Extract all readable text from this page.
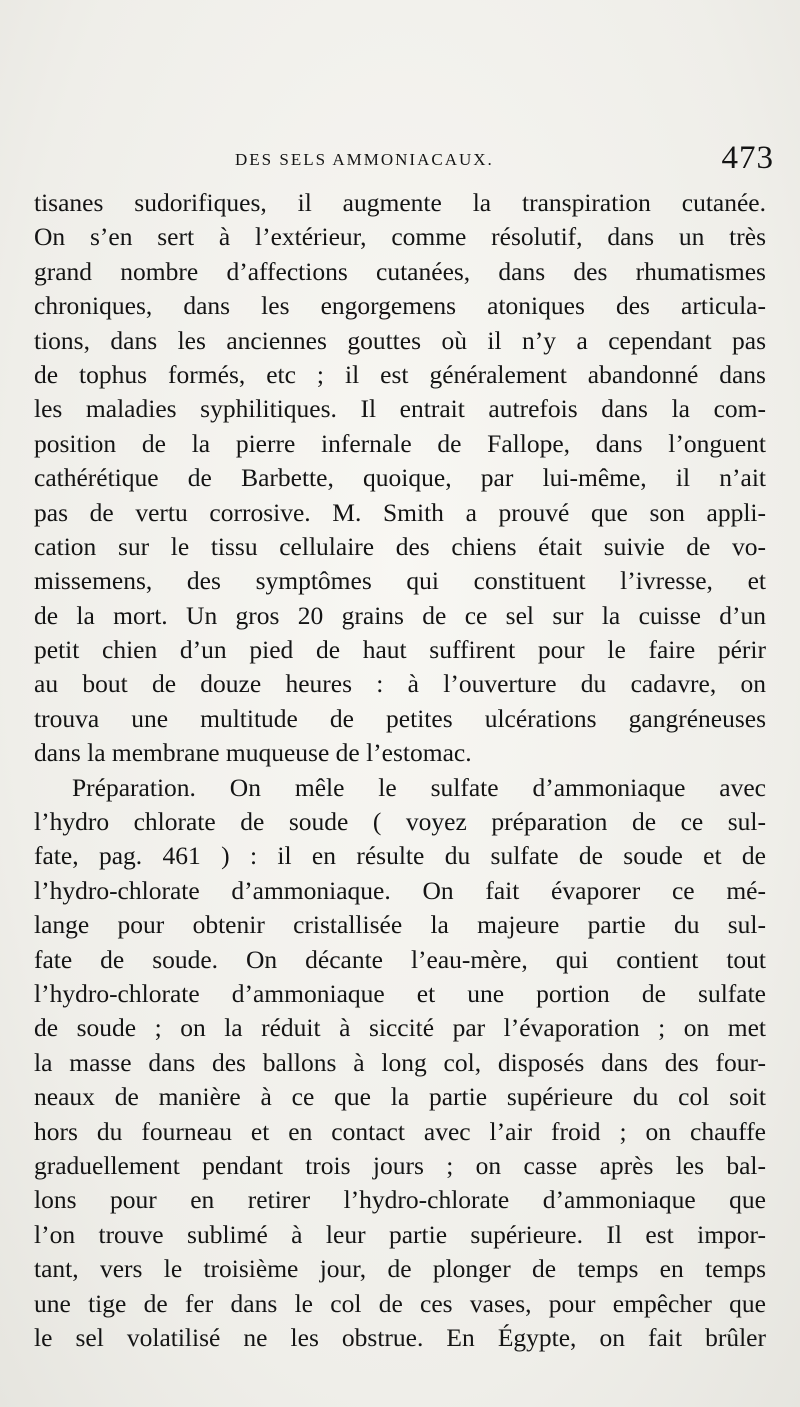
DES SELS AMMONIACAUX.	473
tisanes sudorifiques, il augmente la transpiration cutanée.
On s’en sert à l’extérieur, comme résolutif, dans un très
grand nombre d’affections cutanées, dans des rhumatismes
chroniques, dans les engorgemens atoniques des articula-
tions, dans les anciennes gouttes où il n’y a cependant pas
de tophus formés, etc ; il est généralement abandonné dans
les maladies syphilitiques. Il entrait autrefois dans la com-
position de la pierre infernale de Fallope, dans l’onguent
cathérétique de Barbette, quoique, par lui-même, il n’ait
pas de vertu corrosive. M. Smith a prouvé que son appli-
cation sur le tissu cellulaire des chiens était suivie de vo-
missemens, des symptômes qui constituent l’ivresse, et
de la mort. Un gros 20 grains de ce sel sur la cuisse d’un
petit chien d’un pied de haut suffirent pour le faire périr
au bout de douze heures : à l’ouverture du cadavre, on
trouva une multitude de petites ulcérations gangréneuses
dans la membrane muqueuse de l’estomac.
Préparation. On mêle le sulfate d’ammoniaque avec
l’hydro chlorate de soude ( voyez préparation de ce sul-
fate, pag. 461 ) : il en résulte du sulfate de soude et de
l’hydro-chlorate d’ammoniaque. On fait évaporer ce mé-
lange pour obtenir cristallisée la majeure partie du sul-
fate de soude. On décante l’eau-mère, qui contient tout
l’hydro-chlorate d’ammoniaque et une portion de sulfate
de soude ; on la réduit à siccité par l’évaporation ; on met
la masse dans des ballons à long col, disposés dans des four-
neaux de manière à ce que la partie supérieure du col soit
hors du fourneau et en contact avec l’air froid ; on chauffe
graduellement pendant trois jours ; on casse après les bal-
lons pour en retirer l’hydro-chlorate d’ammoniaque que
l’on trouve sublimé à leur partie supérieure. Il est impor-
tant, vers le troisième jour, de plonger de temps en temps
une tige de fer dans le col de ces vases, pour empêcher que
le sel volatilisé ne les obstrue. En Égypte, on fait brûler
